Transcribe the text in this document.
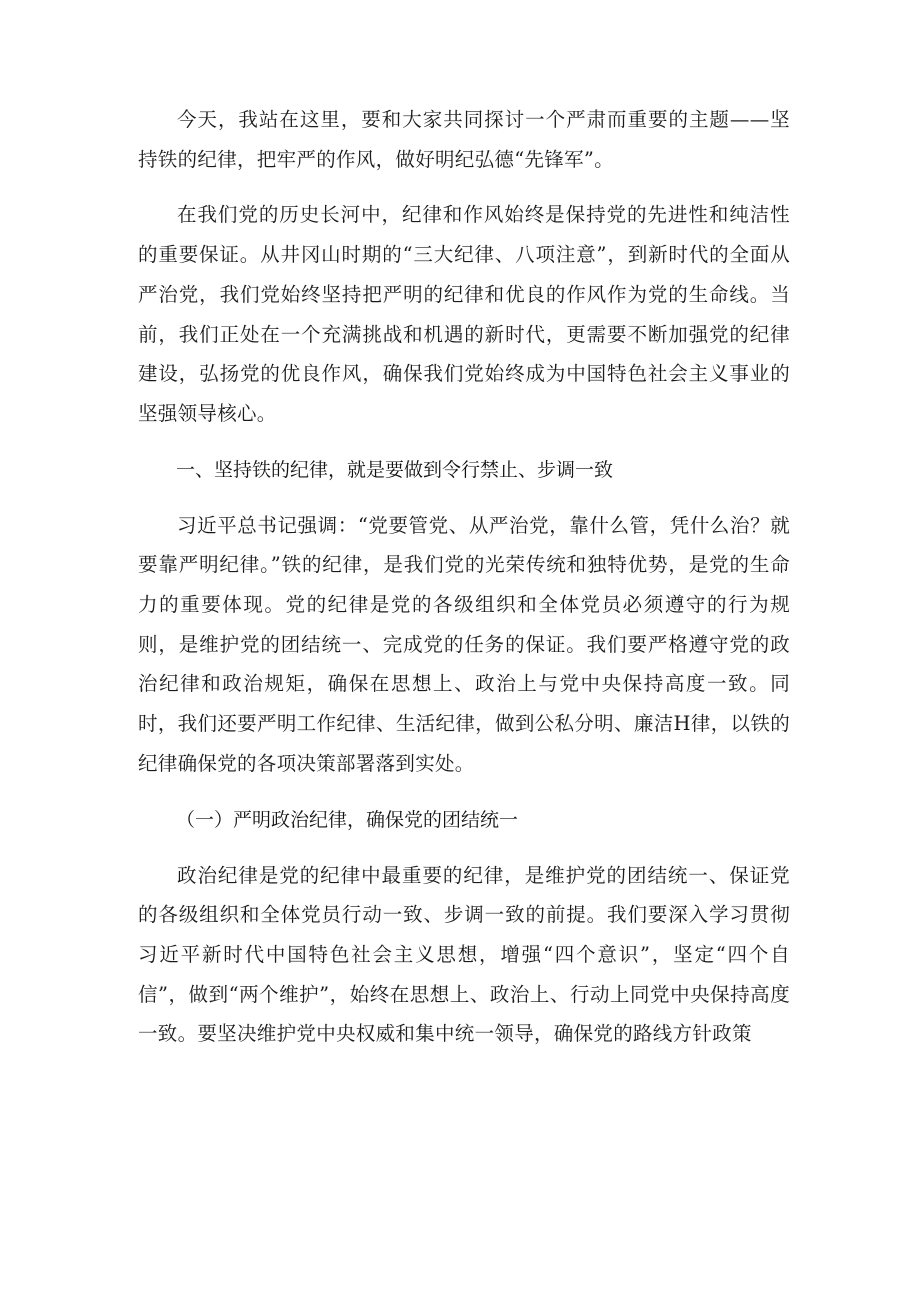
今天，我站在这里，要和大家共同探讨一个严肃而重要的主题——坚持铁的纪律，把牢严的作风，做好明纪弘德“先锋军”。

在我们党的历史长河中，纪律和作风始终是保持党的先进性和纯洁性的重要保证。从井冈山时期的“三大纪律、八项注意”，到新时代的全面从严治党，我们党始终坚持把严明的纪律和优良的作风作为党的生命线。当前，我们正处在一个充满挑战和机遇的新时代，更需要不断加强党的纪律建设，弘扬党的优良作风，确保我们党始终成为中国特色社会主义事业的坚强领导核心。

一、坚持铁的纪律，就是要做到令行禁止、步调一致

习近平总书记强调：“党要管党、从严治党，靠什么管，凭什么治？就要靠严明纪律。”铁的纪律，是我们党的光荣传统和独特优势，是党的生命力的重要体现。党的纪律是党的各级组织和全体党员必须遵守的行为规则，是维护党的团结统一、完成党的任务的保证。我们要严格遵守党的政治纪律和政治规矩，确保在思想上、政治上与党中央保持高度一致。同时，我们还要严明工作纪律、生活纪律，做到公私分明、廉洁H律，以铁的纪律确保党的各项决策部署落到实处。

（一）严明政治纪律，确保党的团结统一

政治纪律是党的纪律中最重要的纪律，是维护党的团结统一、保证党的各级组织和全体党员行动一致、步调一致的前提。我们要深入学习贯彻习近平新时代中国特色社会主义思想，增强“四个意识”，坚定“四个自信”，做到“两个维护”，始终在思想上、政治上、行动上同党中央保持高度一致。要坚决维护党中央权威和集中统一领导，确保党的路线方针政策
